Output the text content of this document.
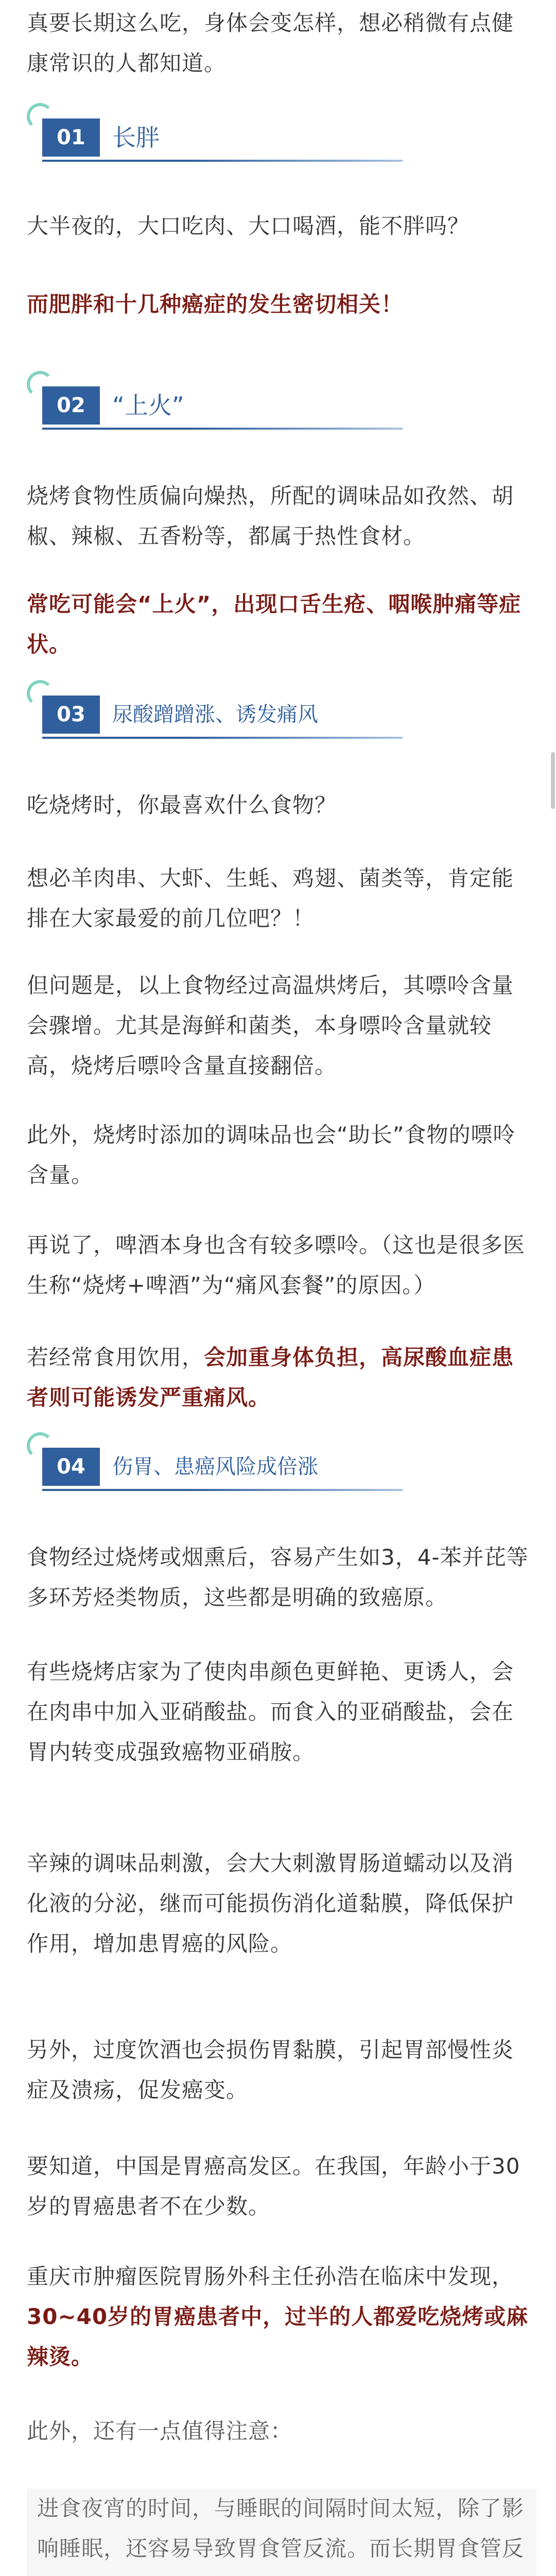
真要长期这么吃，身体会变怎样，想必稍微有点健康常识的人都知道。

01	长胖

大半夜的，大口吃肉、大口喝酒，能不胖吗？

而肥胖和十几种癌症的发生密切相关！

02	“上火”

烧烤食物性质偏向燥热，所配的调味品如孜然、胡椒、辣椒、五香粉等，都属于热性食材。

常吃可能会“上火”，出现口舌生疮、咽喉肿痛等症状。

03	尿酸蹭蹭涨、诱发痛风

吃烧烤时，你最喜欢什么食物？

想必羊肉串、大虾、生蚝、鸡翅、菌类等，肯定能排在大家最爱的前几位吧？！

但问题是，以上食物经过高温烘烤后，其嘌呤含量会骤增。尤其是海鲜和菌类，本身嘌呤含量就较高，烧烤后嘌呤含量直接翻倍。

此外，烧烤时添加的调味品也会“助长”食物的嘌呤含量。

再说了，啤酒本身也含有较多嘌呤。（这也是很多医生称“烧烤+啤酒”为“痛风套餐”的原因。）

若经常食用饮用，会加重身体负担，高尿酸血症患者则可能诱发严重痛风。

04	伤胃、患癌风险成倍涨

食物经过烧烤或烟熏后，容易产生如3，4-苯并芘等多环芳烃类物质，这些都是明确的致癌原。

有些烧烤店家为了使肉串颜色更鲜艳、更诱人，会在肉串中加入亚硝酸盐。而食入的亚硝酸盐，会在胃内转变成强致癌物亚硝胺。

辛辣的调味品刺激，会大大刺激胃肠道蠕动以及消化液的分泌，继而可能损伤消化道黏膜，降低保护作用，增加患胃癌的风险。

另外，过度饮酒也会损伤胃黏膜，引起胃部慢性炎症及溃疡，促发癌变。

要知道，中国是胃癌高发区。在我国，年龄小于30岁的胃癌患者不在少数。

重庆市肿瘤医院胃肠外科主任孙浩在临床中发现，30~40岁的胃癌患者中，过半的人都爱吃烧烤或麻辣烫。

此外，还有一点值得注意：

进食夜宵的时间，与睡眠的间隔时间太短，除了影响睡眠，还容易导致胃食管反流。而长期胃食管反
